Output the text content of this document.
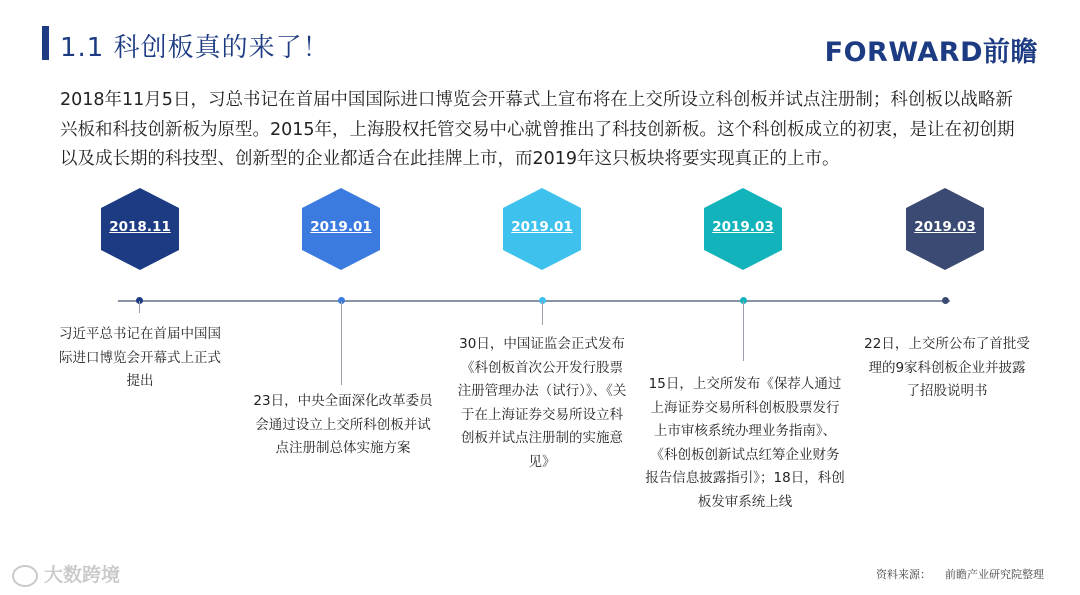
1.1 科创板真的来了！	FORWARD前瞻
2018年11月5日，习总书记在首届中国国际进口博览会开幕式上宣布将在上交所设立科创板并试点注册制；科创板以战略新兴板和科技创新板为原型。2015年，上海股权托管交易中心就曾推出了科技创新板。这个科创板成立的初衷，是让在初创期以及成长期的科技型、创新型的企业都适合在此挂牌上市，而2019年这只板块将要实现真正的上市。
2018.11
习近平总书记在首届中国国际进口博览会开幕式上正式提出
2019.01
23日，中央全面深化改革委员会通过设立上交所科创板并试点注册制总体实施方案
2019.01
30日，中国证监会正式发布《科创板首次公开发行股票注册管理办法（试行）》、《关于在上海证券交易所设立科创板并试点注册制的实施意见》
2019.03
15日，上交所发布《保荐人通过上海证券交易所科创板股票发行上市审核系统办理业务指南》、《科创板创新试点红筹企业财务报告信息披露指引》；18日，科创板发审系统上线
2019.03
22日，上交所公布了首批受理的9家科创板企业并披露了招股说明书
资料来源： 前瞻产业研究院整理
大数跨境
